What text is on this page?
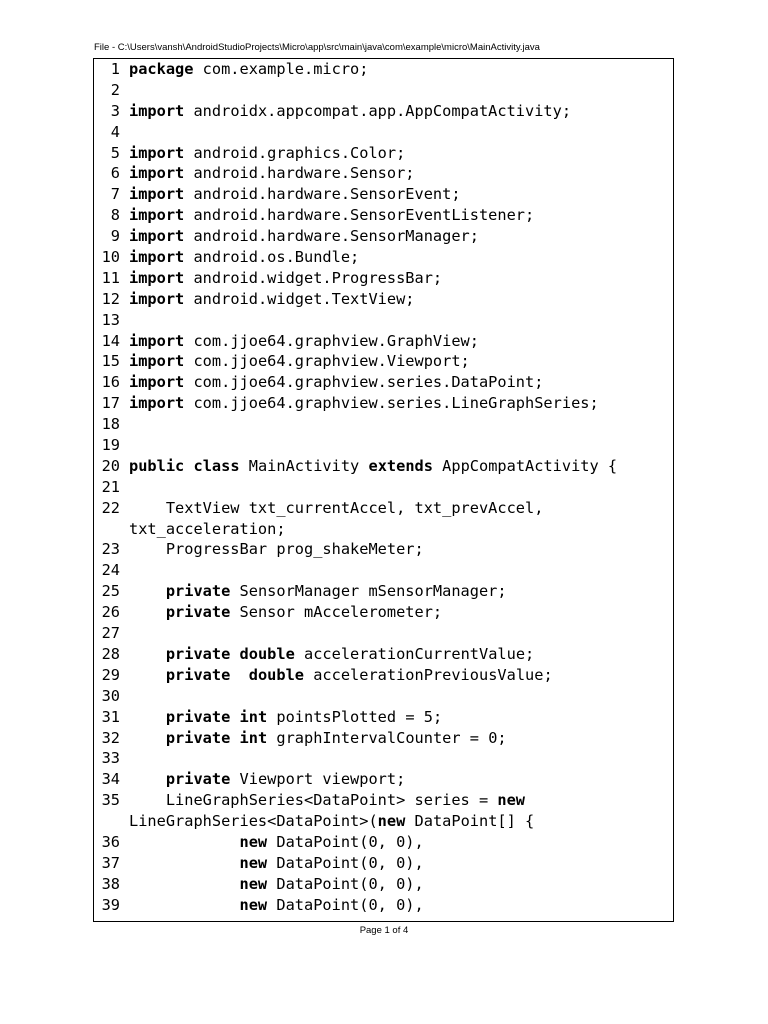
File - C:\Users\vansh\AndroidStudioProjects\Micro\app\src\main\java\com\example\micro\MainActivity.java
1 package com.example.micro;
2
3 import androidx.appcompat.app.AppCompatActivity;
4
5 import android.graphics.Color;
6 import android.hardware.Sensor;
7 import android.hardware.SensorEvent;
8 import android.hardware.SensorEventListener;
9 import android.hardware.SensorManager;
10 import android.os.Bundle;
11 import android.widget.ProgressBar;
12 import android.widget.TextView;
13
14 import com.jjoe64.graphview.GraphView;
15 import com.jjoe64.graphview.Viewport;
16 import com.jjoe64.graphview.series.DataPoint;
17 import com.jjoe64.graphview.series.LineGraphSeries;
18
19
20 public class MainActivity extends AppCompatActivity {
21
22 TextView txt_currentAccel, txt_prevAccel,
txt_acceleration;
23 ProgressBar prog_shakeMeter;
24
25	private SensorManager mSensorManager;
26	private Sensor mAccelerometer;
27
28	private double accelerationCurrentValue;
29	private double accelerationPreviousValue;
30
31	private int pointsPlotted = 5;
32	private int graphIntervalCounter = 0;
33
34	private Viewport viewport;
35 LineGraphSeries<DataPoint> series = new
LineGraphSeries<DataPoint>(new DataPoint[] {
36	new DataPoint(0, 0),
37	new DataPoint(0, 0),
38	new DataPoint(0, 0),
39	new DataPoint(0, 0),
Page 1 of 4
